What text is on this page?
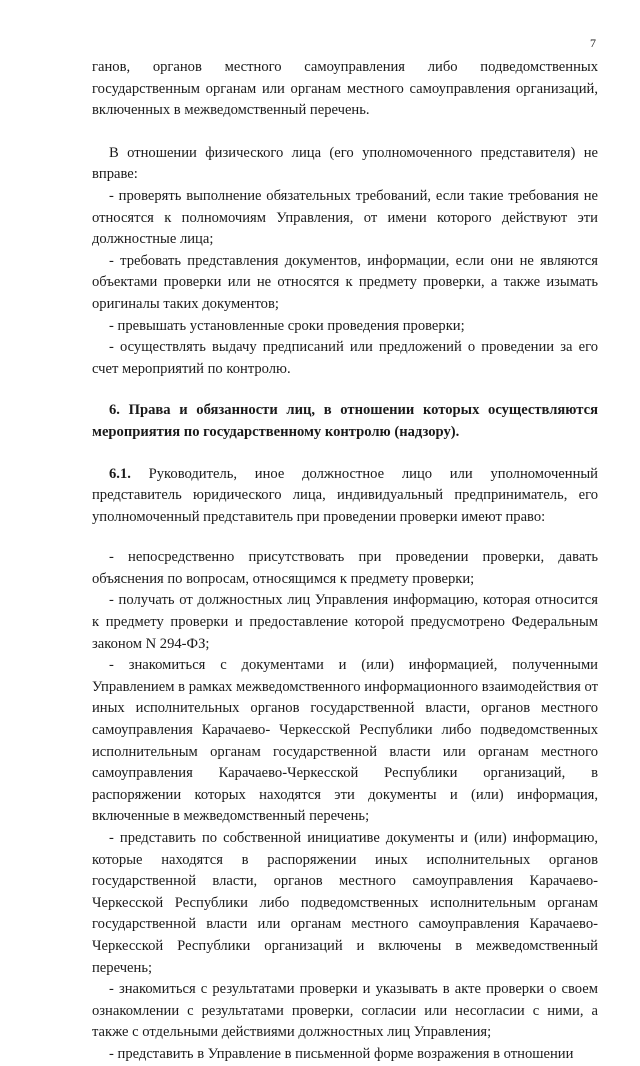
7

ганов, органов местного самоуправления либо подведомственных государственным органам или органам местного самоуправления организаций, включенных в межведомственный перечень.

В отношении физического лица (его уполномоченного представителя) не вправе:

- проверять выполнение обязательных требований, если такие требования не относятся к полномочиям Управления, от имени которого действуют эти должностные лица;

- требовать представления документов, информации, если они не являются объектами проверки или не относятся к предмету проверки, а также изымать оригиналы таких документов;

- превышать установленные сроки проведения проверки;

- осуществлять выдачу предписаний или предложений о проведении за его счет мероприятий по контролю.

6. Права и обязанности лиц, в отношении которых осуществляются мероприятия по государственному контролю (надзору).

6.1. Руководитель, иное должностное лицо или уполномоченный представитель юридического лица, индивидуальный предприниматель, его уполномоченный представитель при проведении проверки имеют право:

- непосредственно присутствовать при проведении проверки, давать объяснения по вопросам, относящимся к предмету проверки;

- получать от должностных лиц Управления информацию, которая относится к предмету проверки и предоставление которой предусмотрено Федеральным законом N 294-ФЗ;

- знакомиться с документами и (или) информацией, полученными Управлением в рамках межведомственного информационного взаимодействия от иных исполнительных органов государственной власти, органов местного самоуправления Карачаево- Черкесской Республики либо подведомственных исполнительным органам государственной власти или органам местного самоуправления Карачаево-Черкесской Республики организаций, в распоряжении которых находятся эти документы и (или) информация, включенные в межведомственный перечень;

- представить по собственной инициативе документы и (или) информацию, которые находятся в распоряжении иных исполнительных органов государственной власти, органов местного самоуправления Карачаево- Черкесской Республики либо подведомственных исполнительным органам государственной власти или органам местного самоуправления Карачаево- Черкесской Республики организаций и включены в межведомственный перечень;

- знакомиться с результатами проверки и указывать в акте проверки о своем ознакомлении с результатами проверки, согласии или несогласии с ними, а также с отдельными действиями должностных лиц Управления;

- представить в Управление в письменной форме возражения в отношении
